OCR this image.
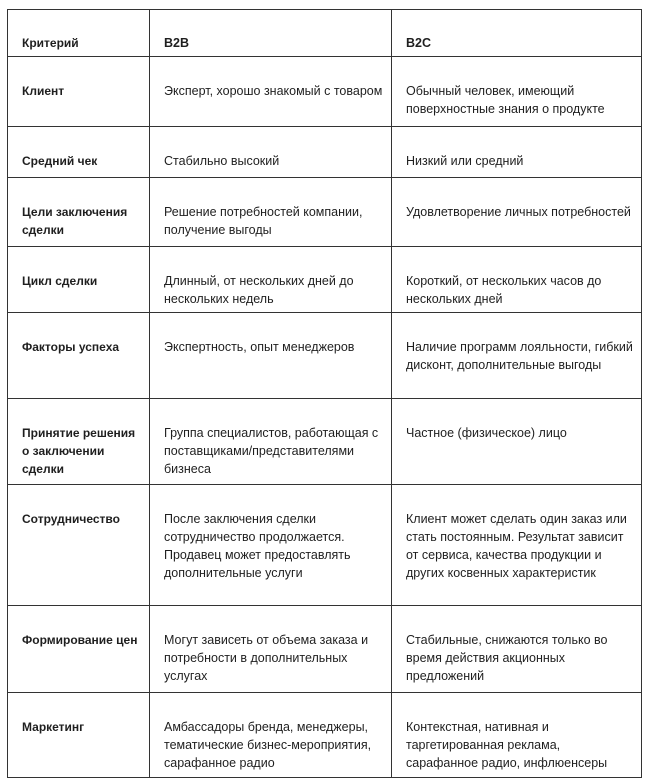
Критерий	B2B	B2C

Клиент	Эксперт, хорошо знакомый с товаром	Обычный человек, имеющий поверхностные знания о продукте

Средний чек	Стабильно высокий	Низкий или средний

Цели заключения сделки	Решение потребностей компании, получение выгоды	Удовлетворение личных потребностей

Цикл сделки	Длинный, от нескольких дней до нескольких недель	Короткий, от нескольких часов до нескольких дней

Факторы успеха	Экспертность, опыт менеджеров	Наличие программ лояльности, гибкий дисконт, дополнительные выгоды

Принятие решения о заключении сделки	Группа специалистов, работающая с поставщиками/представителями бизнеса	Частное (физическое) лицо

Сотрудничество	После заключения сделки сотрудничество продолжается. Продавец может предоставлять дополнительные услуги	Клиент может сделать один заказ или стать постоянным. Результат зависит от сервиса, качества продукции и других косвенных характеристик

Формирование цен	Могут зависеть от объема заказа и потребности в дополнительных услугах	Стабильные, снижаются только во время действия акционных предложений

Маркетинг	Амбассадоры бренда, менеджеры, тематические бизнес-мероприятия, сарафанное радио	Контекстная, нативная и таргетированная реклама, сарафанное радио, инфлюенсеры
